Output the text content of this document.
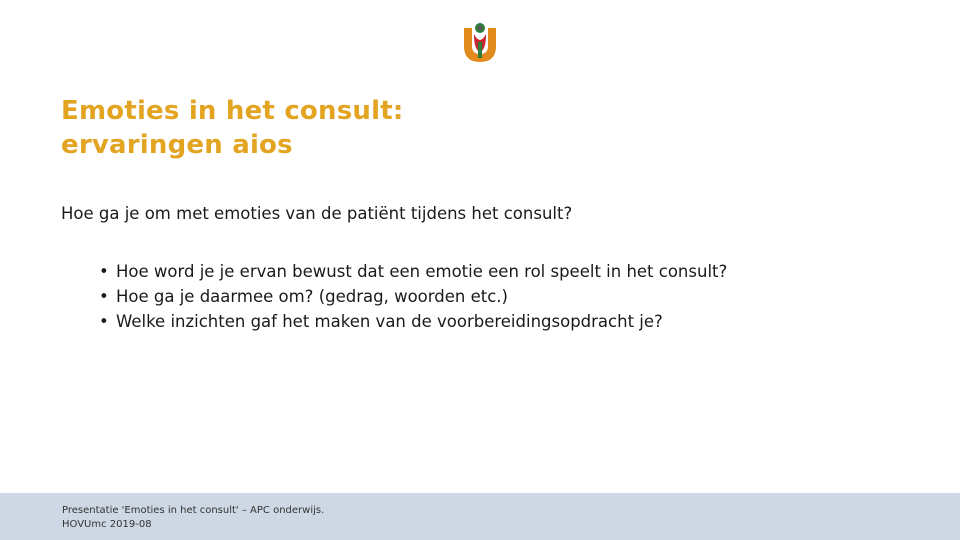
Emoties in het consult:
ervaringen aios
Hoe ga je om met emoties van de patiënt tijdens het consult?
• Hoe word je je ervan bewust dat een emotie een rol speelt in het consult?
• Hoe ga je daarmee om? (gedrag, woorden etc.)
• Welke inzichten gaf het maken van de voorbereidingsopdracht je?
Presentatie 'Emoties in het consult' – APC onderwijs.
HOVUmc 2019-08
